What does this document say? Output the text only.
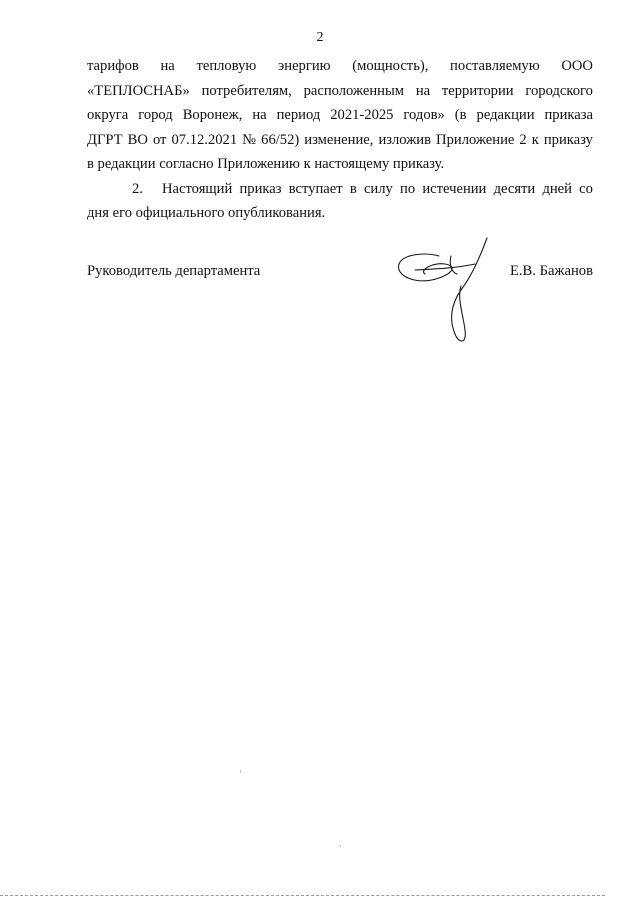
2
тарифов на тепловую энергию (мощность), поставляемую ООО
«ТЕПЛОСНАБ» потребителям, расположенным на территории городского
округа город Воронеж, на период 2021-2025 годов» (в редакции приказа
ДГРТ ВО от 07.12.2021 № 66/52) изменение, изложив Приложение 2 к приказу
в редакции согласно Приложению к настоящему приказу.
2.	Настоящий приказ вступает в силу по истечении десяти дней со
дня его официального опубликования.
Руководитель департамента	Е.В. Бажанов
